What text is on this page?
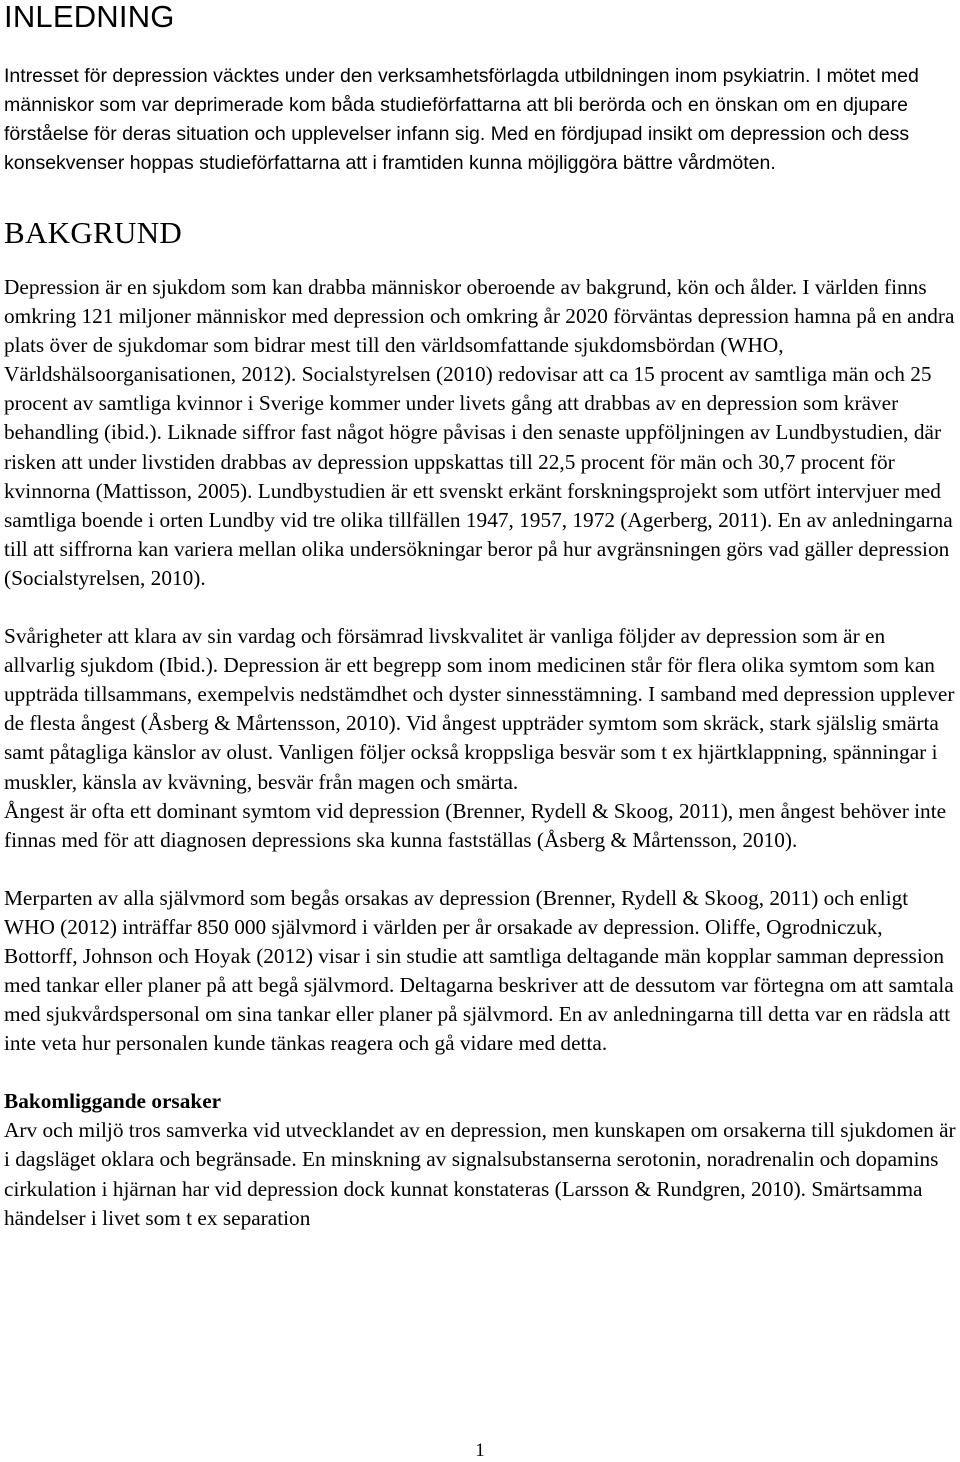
INLEDNING

Intresset för depression väcktes under den verksamhetsförlagda utbildningen inom psykiatrin. I mötet med människor som var deprimerade kom båda studieförfattarna att bli berörda och en önskan om en djupare förståelse för deras situation och upplevelser infann sig. Med en fördjupad insikt om depression och dess konsekvenser hoppas studieförfattarna att i framtiden kunna möjliggöra bättre vårdmöten.

BAKGRUND

Depression är en sjukdom som kan drabba människor oberoende av bakgrund, kön och ålder. I världen finns omkring 121 miljoner människor med depression och omkring år 2020 förväntas depression hamna på en andra plats över de sjukdomar som bidrar mest till den världsomfattande sjukdomsbördan (WHO, Världshälsoorganisationen, 2012). Socialstyrelsen (2010) redovisar att ca 15 procent av samtliga män och 25 procent av samtliga kvinnor i Sverige kommer under livets gång att drabbas av en depression som kräver behandling (ibid.). Liknade siffror fast något högre påvisas i den senaste uppföljningen av Lundbystudien, där risken att under livstiden drabbas av depression uppskattas till 22,5 procent för män och 30,7 procent för kvinnorna (Mattisson, 2005). Lundbystudien är ett svenskt erkänt forskningsprojekt som utfört intervjuer med samtliga boende i orten Lundby vid tre olika tillfällen 1947, 1957, 1972 (Agerberg, 2011). En av anledningarna till att siffrorna kan variera mellan olika undersökningar beror på hur avgränsningen görs vad gäller depression (Socialstyrelsen, 2010).

Svårigheter att klara av sin vardag och försämrad livskvalitet är vanliga följder av depression som är en allvarlig sjukdom (Ibid.). Depression är ett begrepp som inom medicinen står för flera olika symtom som kan uppträda tillsammans, exempelvis nedstämdhet och dyster sinnesstämning. I samband med depression upplever de flesta ångest (Åsberg & Mårtensson, 2010). Vid ångest uppträder symtom som skräck, stark själslig smärta samt påtagliga känslor av olust. Vanligen följer också kroppsliga besvär som t ex hjärtklappning, spänningar i muskler, känsla av kvävning, besvär från magen och smärta.

Ångest är ofta ett dominant symtom vid depression (Brenner, Rydell & Skoog, 2011), men ångest behöver inte finnas med för att diagnosen depressions ska kunna fastställas (Åsberg & Mårtensson, 2010).

Merparten av alla självmord som begås orsakas av depression (Brenner, Rydell & Skoog, 2011) och enligt WHO (2012) inträffar 850 000 självmord i världen per år orsakade av depression. Oliffe, Ogrodniczuk, Bottorff, Johnson och Hoyak (2012) visar i sin studie att samtliga deltagande män kopplar samman depression med tankar eller planer på att begå självmord. Deltagarna beskriver att de dessutom var förtegna om att samtala med sjukvårdspersonal om sina tankar eller planer på självmord. En av anledningarna till detta var en rädsla att inte veta hur personalen kunde tänkas reagera och gå vidare med detta.

Bakomliggande orsaker

Arv och miljö tros samverka vid utvecklandet av en depression, men kunskapen om orsakerna till sjukdomen är i dagsläget oklara och begränsade. En minskning av signalsubstanserna serotonin, noradrenalin och dopamins cirkulation i hjärnan har vid depression dock kunnat konstateras (Larsson & Rundgren, 2010). Smärtsamma händelser i livet som t ex separation

1
